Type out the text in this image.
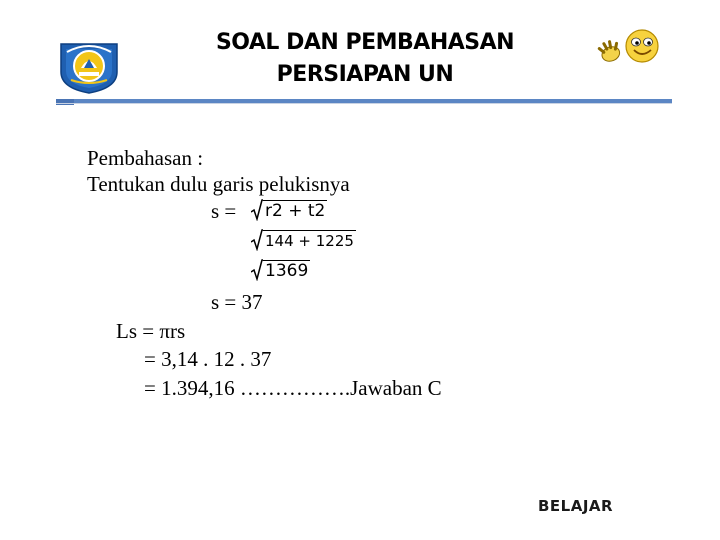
SOAL DAN PEMBAHASAN
PERSIAPAN UN
Pembahasan :
Tentukan dulu garis pelukisnya
s = r2 + t2
144 + 1225
1369
s = 37
Ls = πrs
= 3,14 . 12 . 37
= 1.394,16 …………….Jawaban C
BELAJAR
